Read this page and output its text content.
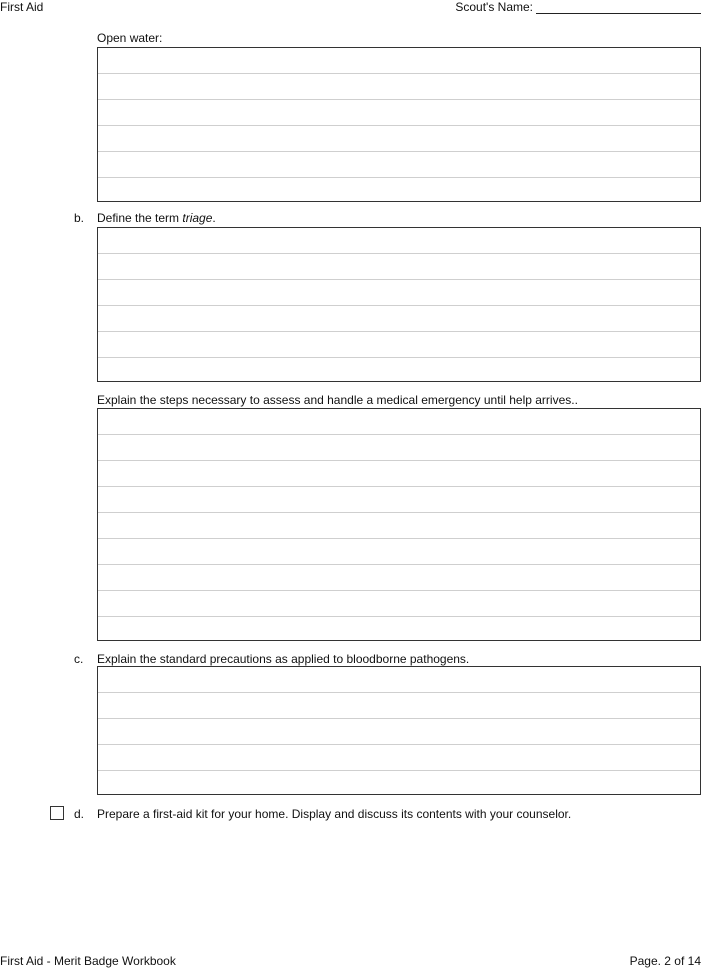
First Aid	Scout's Name:
Open water:
b. Define the term triage.
Explain the steps necessary to assess and handle a medical emergency until help arrives..
c. Explain the standard precautions as applied to bloodborne pathogens.
d. Prepare a first-aid kit for your home. Display and discuss its contents with your counselor.
First Aid - Merit Badge Workbook	Page. 2 of 14
